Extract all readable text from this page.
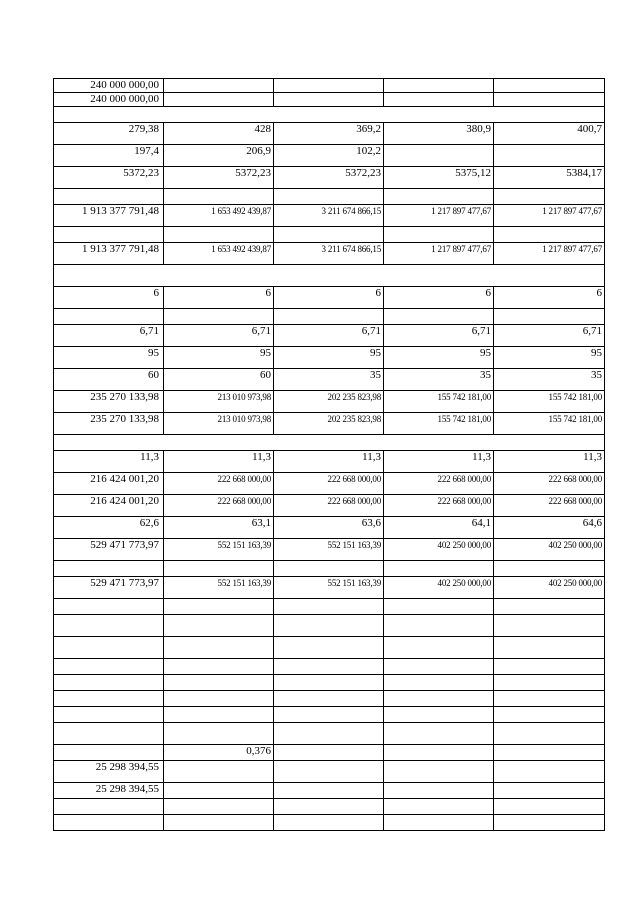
240 000 000,00				
240 000 000,00				

279,38	428	369,2	380,9	400,7
197,4	206,9	102,2		
5372,23	5372,23	5372,23	5375,12	5384,17

1 913 377 791,48	1 653 492 439,87	3 211 674 866,15	1 217 897 477,67	1 217 897 477,67

1 913 377 791,48	1 653 492 439,87	3 211 674 866,15	1 217 897 477,67	1 217 897 477,67

6	6	6	6	6

6,71	6,71	6,71	6,71	6,71
95	95	95	95	95
60	60	35	35	35
235 270 133,98	213 010 973,98	202 235 823,98	155 742 181,00	155 742 181,00
235 270 133,98	213 010 973,98	202 235 823,98	155 742 181,00	155 742 181,00

11,3	11,3	11,3	11,3	11,3
216 424 001,20	222 668 000,00	222 668 000,00	222 668 000,00	222 668 000,00
216 424 001,20	222 668 000,00	222 668 000,00	222 668 000,00	222 668 000,00
62,6	63,1	63,6	64,1	64,6
529 471 773,97	552 151 163,39	552 151 163,39	402 250 000,00	402 250 000,00

529 471 773,97	552 151 163,39	552 151 163,39	402 250 000,00	402 250 000,00

	0,376			
25 298 394,55				
25 298 394,55				
